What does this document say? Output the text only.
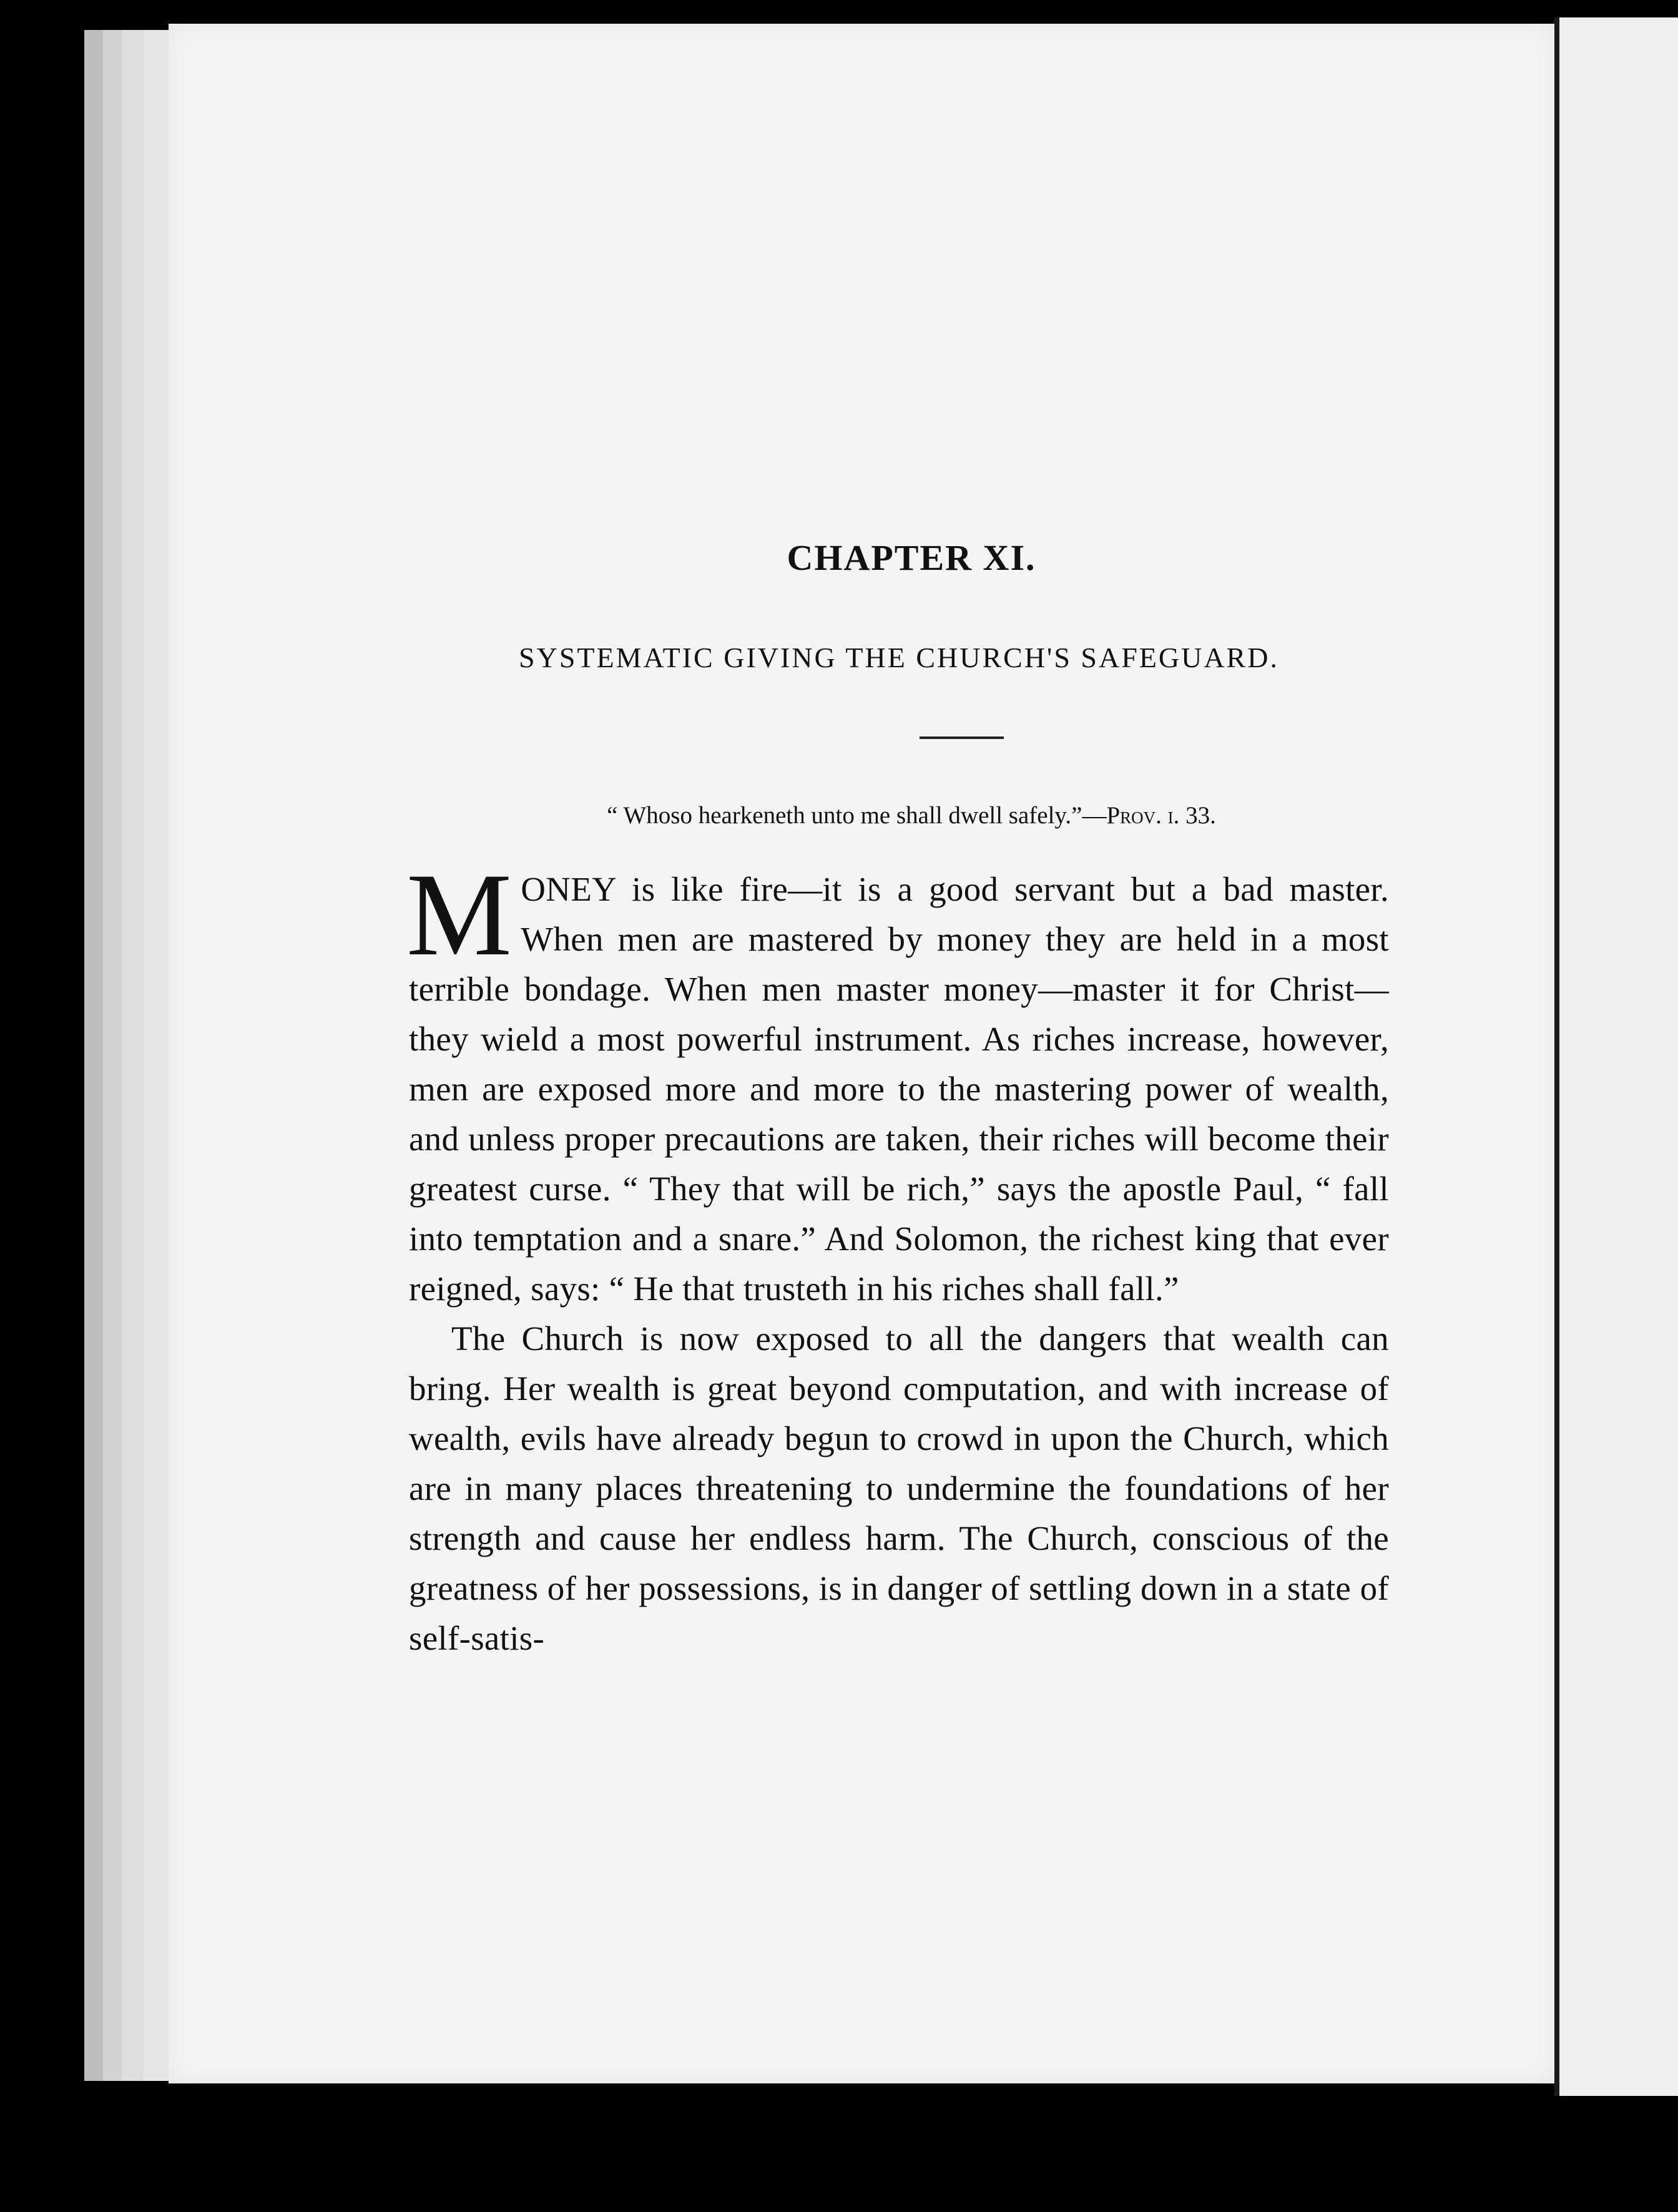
CHAPTER XI.
SYSTEMATIC GIVING THE CHURCH'S SAFEGUARD.
“ Whoso hearkeneth unto me shall dwell safely.”—Prov. i. 33.

MONEY is like fire—it is a good servant but a bad master. When men are mastered by money they are held in a most terrible bondage. When men master money—master it for Christ—they wield a most powerful instrument. As riches increase, however, men are exposed more and more to the mastering power of wealth, and unless proper precautions are taken, their riches will become their greatest curse. “ They that will be rich,” says the apostle Paul, “ fall into temptation and a snare.” And Solomon, the richest king that ever reigned, says: “ He that trusteth in his riches shall fall.”

The Church is now exposed to all the dangers that wealth can bring. Her wealth is great beyond computation, and with increase of wealth, evils have already begun to crowd in upon the Church, which are in many places threatening to undermine the foundations of her strength and cause her endless harm. The Church, conscious of the greatness of her possessions, is in danger of settling down in a state of self-satis-
